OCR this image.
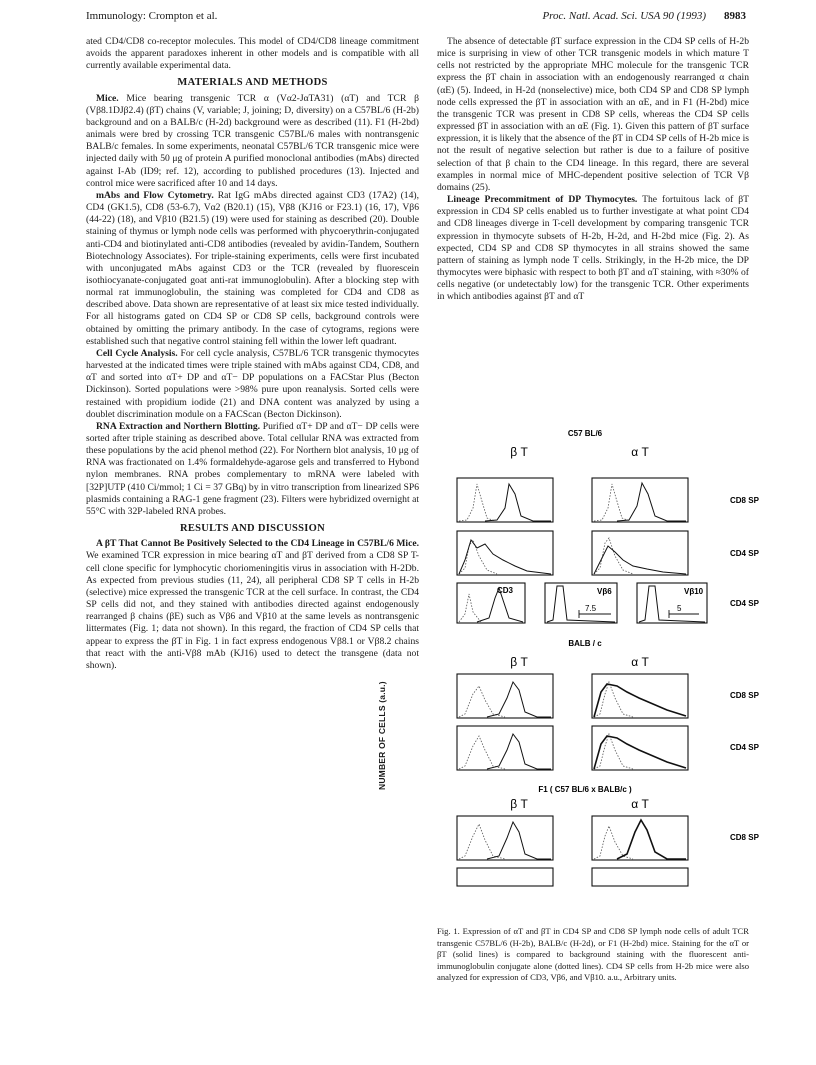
Immunology: Crompton et al.	Proc. Natl. Acad. Sci. USA 90 (1993) 8983

ated CD4/CD8 co-receptor molecules. This model of CD4/CD8 lineage commitment avoids the apparent paradoxes inherent in other models and is compatible with all currently available experimental data.

MATERIALS AND METHODS

Mice. Mice bearing transgenic TCR α (Vα2-JαTA31) (αT) and TCR β (Vβ8.1DJβ2.4) (βT) chains (V, variable; J, joining; D, diversity) on a C57BL/6 (H-2b) background and on a BALB/c (H-2d) background were as described (11). F1 (H-2bd) animals were bred by crossing TCR transgenic C57BL/6 males with nontransgenic BALB/c females. In some experiments, neonatal C57BL/6 TCR transgenic mice were injected daily with 50 μg of protein A purified monoclonal antibodies (mAbs) directed against I-Ab (ID9; ref. 12), according to published procedures (13). Injected and control mice were sacrificed after 10 and 14 days.

mAbs and Flow Cytometry. Rat IgG mAbs directed against CD3 (17A2) (14), CD4 (GK1.5), CD8 (53-6.7), Vα2 (B20.1) (15), Vβ8 (KJ16 or F23.1) (16, 17), Vβ6 (44-22) (18), and Vβ10 (B21.5) (19) were used for staining as described (20). Double staining of thymus or lymph node cells was performed with phycoerythrin-conjugated anti-CD4 and biotinylated anti-CD8 antibodies (revealed by avidin-Tandem, Southern Biotechnology Associates). For triple-staining experiments, cells were first incubated with unconjugated mAbs against CD3 or the TCR (revealed by fluorescein isothiocyanate-conjugated goat anti-rat immunoglobulin). After a blocking step with normal rat immunoglobulin, the staining was completed for CD4 and CD8 as described above. Data shown are representative of at least six mice tested individually. For all histograms gated on CD4 SP or CD8 SP cells, background controls were obtained by omitting the primary antibody. In the case of cytograms, regions were established such that negative control staining fell within the lower left quadrant.

Cell Cycle Analysis. For cell cycle analysis, C57BL/6 TCR transgenic thymocytes harvested at the indicated times were triple stained with mAbs against CD4, CD8, and αT and sorted into αT+ DP and αT− DP populations on a FACStar Plus (Becton Dickinson). Sorted populations were >98% pure upon reanalysis. Sorted cells were restained with propidium iodide (21) and DNA content was analyzed by using a doublet discrimination module on a FACScan (Becton Dickinson).

RNA Extraction and Northern Blotting. Purified αT+ DP and αT− DP cells were sorted after triple staining as described above. Total cellular RNA was extracted from these populations by the acid phenol method (22). For Northern blot analysis, 10 μg of RNA was fractionated on 1.4% formaldehyde-agarose gels and transferred to Hybond nylon membranes. RNA probes complementary to mRNA were labeled with [32P]UTP (410 Ci/mmol; 1 Ci = 37 GBq) by in vitro transcription from linearized SP6 plasmids containing a RAG-1 gene fragment (23). Filters were hybridized overnight at 55°C with 32P-labeled RNA probes.

RESULTS AND DISCUSSION

A βT That Cannot Be Positively Selected to the CD4 Lineage in C57BL/6 Mice. We examined TCR expression in mice bearing αT and βT derived from a CD8 SP T-cell clone specific for lymphocytic choriomeningitis virus in association with H-2Db. As expected from previous studies (11, 24), all peripheral CD8 SP T cells in H-2b (selective) mice expressed the transgenic TCR at the cell surface. In contrast, the CD4 SP cells did not, and they stained with antibodies directed against endogenously rearranged β chains (βE) such as Vβ6 and Vβ10 at the same levels as nontransgenic littermates (Fig. 1; data not shown). In this regard, the fraction of CD4 SP cells that appear to express the βT in Fig. 1 in fact express endogenous Vβ8.1 or Vβ8.2 chains that react with the anti-Vβ8 mAb (KJ16) used to detect the transgene (data not shown).

The absence of detectable βT surface expression in the CD4 SP cells of H-2b mice is surprising in view of other TCR transgenic models in which mature T cells not restricted by the appropriate MHC molecule for the transgenic TCR express the βT chain in association with an endogenously rearranged α chain (αE) (5). Indeed, in H-2d (nonselective) mice, both CD4 SP and CD8 SP lymph node cells expressed the βT in association with an αE, and in F1 (H-2bd) mice the transgenic TCR was present in CD8 SP cells, whereas the CD4 SP cells expressed βT in association with an αE (Fig. 1). Given this pattern of βT surface expression, it is likely that the absence of the βT in CD4 SP cells of H-2b mice is not the result of negative selection but rather is due to a failure of positive selection of that β chain to the CD4 lineage. In this regard, there are several examples in normal mice of MHC-dependent positive selection of TCR Vβ domains (25).

Lineage Precommitment of DP Thymocytes. The fortuitous lack of βT expression in CD4 SP cells enabled us to further investigate at what point CD4 and CD8 lineages diverge in T-cell development by comparing transgenic TCR expression in thymocyte subsets of H-2b, H-2d, and H-2bd mice (Fig. 2). As expected, CD4 SP and CD8 SP thymocytes in all strains showed the same pattern of staining as lymph node T cells. Strikingly, in the H-2b mice, the DP thymocytes were biphasic with respect to both βT and αT staining, with ≈30% of cells negative (or undetectably low) for the transgenic TCR. Other experiments in which antibodies against βT and αT

C57 BL/6
β T	α T
CD8 SP
CD4 SP
CD3
7.5
Vβ6
5
Vβ10
CD4 SP
BALB / c
β T	α T
CD8 SP
CD4 SP
F1 ( C57 BL/6 x BALB/c )
β T	α T
CD8 SP
NUMBER OF CELLS (a.u.)
Fig. 1. Expression of αT and βT in CD4 SP and CD8 SP lymph node cells of adult TCR transgenic C57BL/6 (H-2b), BALB/c (H-2d), or F1 (H-2bd) mice. Staining for the αT or βT (solid lines) is compared to background staining with the fluorescent anti-immunoglobulin conjugate alone (dotted lines). CD4 SP cells from H-2b mice were also analyzed for expression of CD3, Vβ6, and Vβ10. a.u., Arbitrary units.
